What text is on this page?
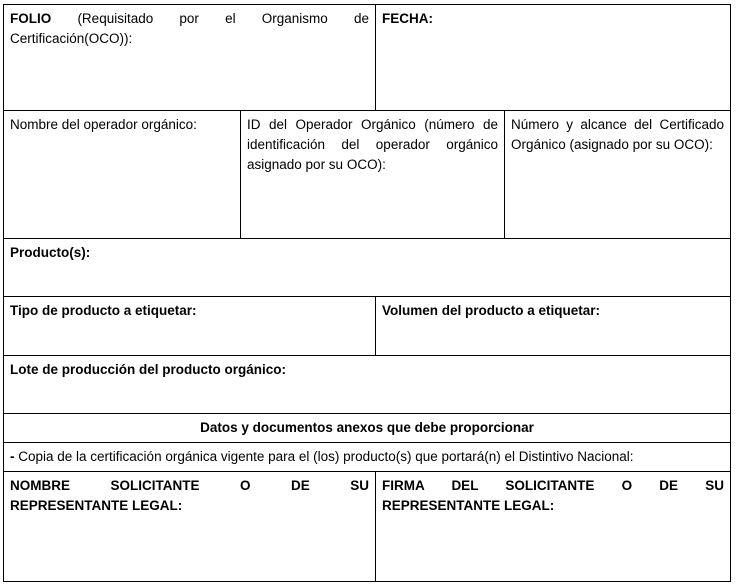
FOLIO (Requisitado por el Organismo de Certificación(OCO)):
FECHA:
Nombre del operador orgánico:	ID del Operador Orgánico (número de identificación del operador orgánico asignado por su OCO):
Número y alcance del Certificado Orgánico (asignado por su OCO):
Producto(s):
Tipo de producto a etiquetar:	Volumen del producto a etiquetar:
Lote de producción del producto orgánico:
Datos y documentos anexos que debe proporcionar
- Copia de la certificación orgánica vigente para el (los) producto(s) que portará(n) el Distintivo Nacional:
NOMBRE SOLICITANTE O DE SU
REPRESENTANTE LEGAL:
FIRMA DEL SOLICITANTE O DE SU
REPRESENTANTE LEGAL:
